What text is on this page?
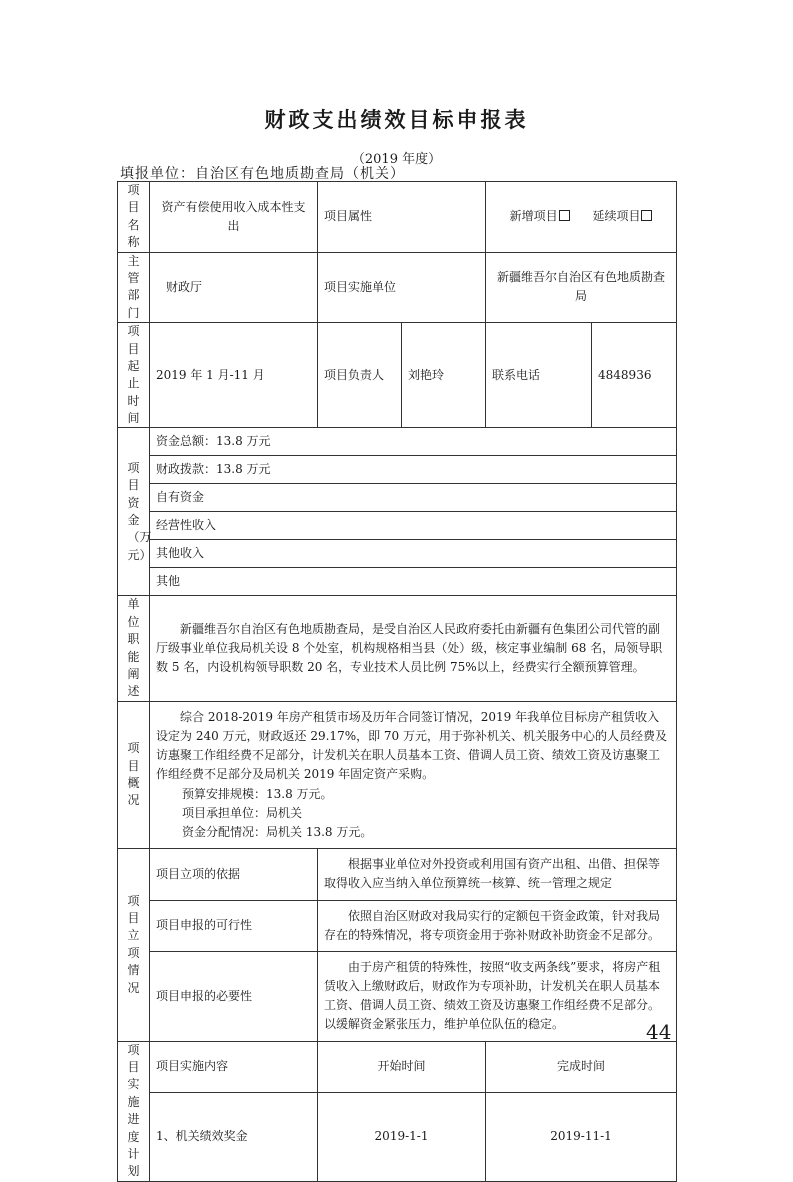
财政支出绩效目标申报表
（2019 年度）
填报单位：自治区有色地质勘查局（机关）
项目名称	资产有偿使用收入成本性支出	项目属性		新增项目 延续项目	

主管部门	财政厅	项目实施单位		新疆维吾尔自治区有色地质勘查局	

项目起止时间	2019 年 1 月-11 月	项目负责人	刘艳玲	联系电话	4848936

项目资金（万元）	资金总额：13.8 万元				
	财政拨款：13.8 万元				
	自有资金				
	经营性收入				
	其他收入				
	其他				

单位职能阐述	新疆维吾尔自治区有色地质勘查局，是受自治区人民政府委托由新疆有色集团公司代管的副厅级事业单位我局机关设 8 个处室，机构规格相当县（处）级，核定事业编制 68 名，局领导职数 5 名，内设机构领导职数 20 名，专业技术人员比例 75%以上，经费实行全额预算管理。				

项目概况	综合 2018-2019 年房产租赁市场及历年合同签订情况，2019 年我单位目标房产租赁收入设定为 240 万元，财政返还 29.17%，即 70 万元，用于弥补机关、机关服务中心的人员经费及访惠聚工作组经费不足部分，计发机关在职人员基本工资、借调人员工资、绩效工资及访惠聚工作组经费不足部分及局机关 2019 年固定资产采购。
预算安排规模：13.8 万元。
项目承担单位：局机关
资金分配情况：局机关 13.8 万元。				

项目立项情况	项目立项的依据	根据事业单位对外投资或利用国有资产出租、出借、担保等取得收入应当纳入单位预算统一核算、统一管理之规定			
	项目申报的可行性	依照自治区财政对我局实行的定额包干资金政策，针对我局存在的特殊情况，将专项资金用于弥补财政补助资金不足部分。			
	项目申报的必要性	由于房产租赁的特殊性，按照“收支两条线”要求，将房产租赁收入上缴财政后，财政作为专项补助，计发机关在职人员基本工资、借调人员工资、绩效工资及访惠聚工作组经费不足部分。以缓解资金紧张压力，维护单位队伍的稳定。			

项目实施进度计划	项目实施内容	开始时间		完成时间	
	1、机关绩效奖金	2019-1-1		2019-11-1	
44
